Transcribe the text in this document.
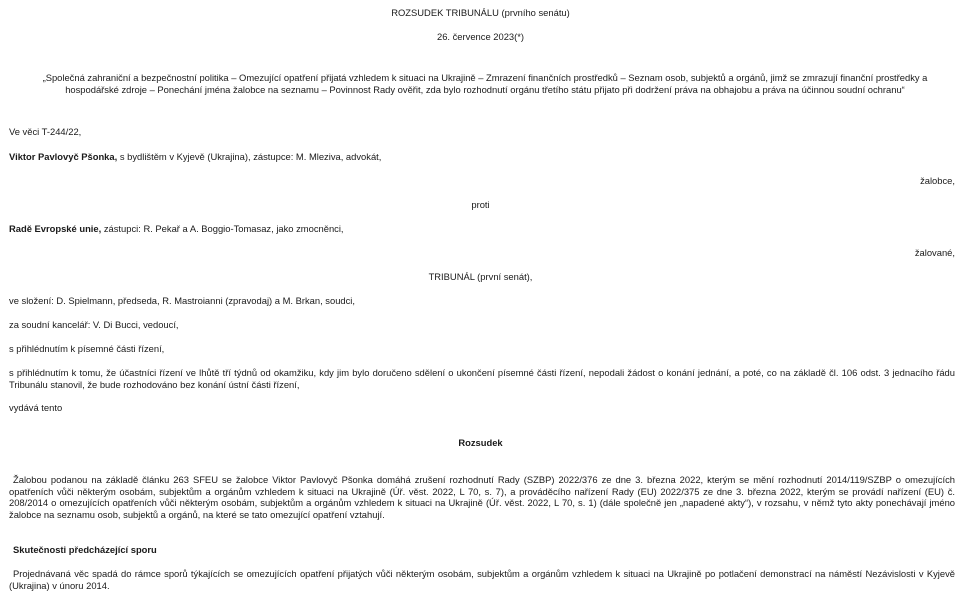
ROZSUDEK TRIBUNÁLU (prvního senátu)
26. července 2023(*)
„Společná zahraniční a bezpečnostní politika – Omezující opatření přijatá vzhledem k situaci na Ukrajině – Zmrazení finančních prostředků – Seznam osob, subjektů a orgánů, jimž se zmrazují finanční prostředky a hospodářské zdroje – Ponechání jména žalobce na seznamu – Povinnost Rady ověřit, zda bylo rozhodnutí orgánu třetího státu přijato při dodržení práva na obhajobu a práva na účinnou soudní ochranu“
Ve věci T-244/22,
Viktor Pavlovyč Pšonka, s bydlištěm v Kyjevě (Ukrajina), zástupce: M. Mleziva, advokát,
žalobce,
proti
Radě Evropské unie, zástupci: R. Pekař a A. Boggio-Tomasaz, jako zmocněnci,
žalované,
TRIBUNÁL (první senát),
ve složení: D. Spielmann, předseda, R. Mastroianni (zpravodaj) a M. Brkan, soudci,
za soudní kancelář: V. Di Bucci, vedoucí,
s přihlédnutím k písemné části řízení,
s přihlédnutím k tomu, že účastníci řízení ve lhůtě tří týdnů od okamžiku, kdy jim bylo doručeno sdělení o ukončení písemné části řízení, nepodali žádost o konání jednání, a poté, co na základě čl. 106 odst. 3 jednacího řádu Tribunálu stanovil, že bude rozhodováno bez konání ústní části řízení,
vydává tento
Rozsudek
Žalobou podanou na základě článku 263 SFEU se žalobce Viktor Pavlovyč Pšonka domáhá zrušení rozhodnutí Rady (SZBP) 2022/376 ze dne 3. března 2022, kterým se mění rozhodnutí 2014/119/SZBP o omezujících opatřeních vůči některým osobám, subjektům a orgánům vzhledem k situaci na Ukrajině (Úř. věst. 2022, L 70, s. 7), a prováděcího nařízení Rady (EU) 2022/375 ze dne 3. března 2022, kterým se provádí nařízení (EU) č. 208/2014 o omezujících opatřeních vůči některým osobám, subjektům a orgánům vzhledem k situaci na Ukrajině (Úř. věst. 2022, L 70, s. 1) (dále společně jen „napadené akty“), v rozsahu, v němž tyto akty ponechávají jméno žalobce na seznamu osob, subjektů a orgánů, na které se tato omezující opatření vztahují.
Skutečnosti předcházející sporu
Projednávaná věc spadá do rámce sporů týkajících se omezujících opatření přijatých vůči některým osobám, subjektům a orgánům vzhledem k situaci na Ukrajině po potlačení demonstrací na náměstí Nezávislosti v Kyjevě (Ukrajina) v únoru 2014.
